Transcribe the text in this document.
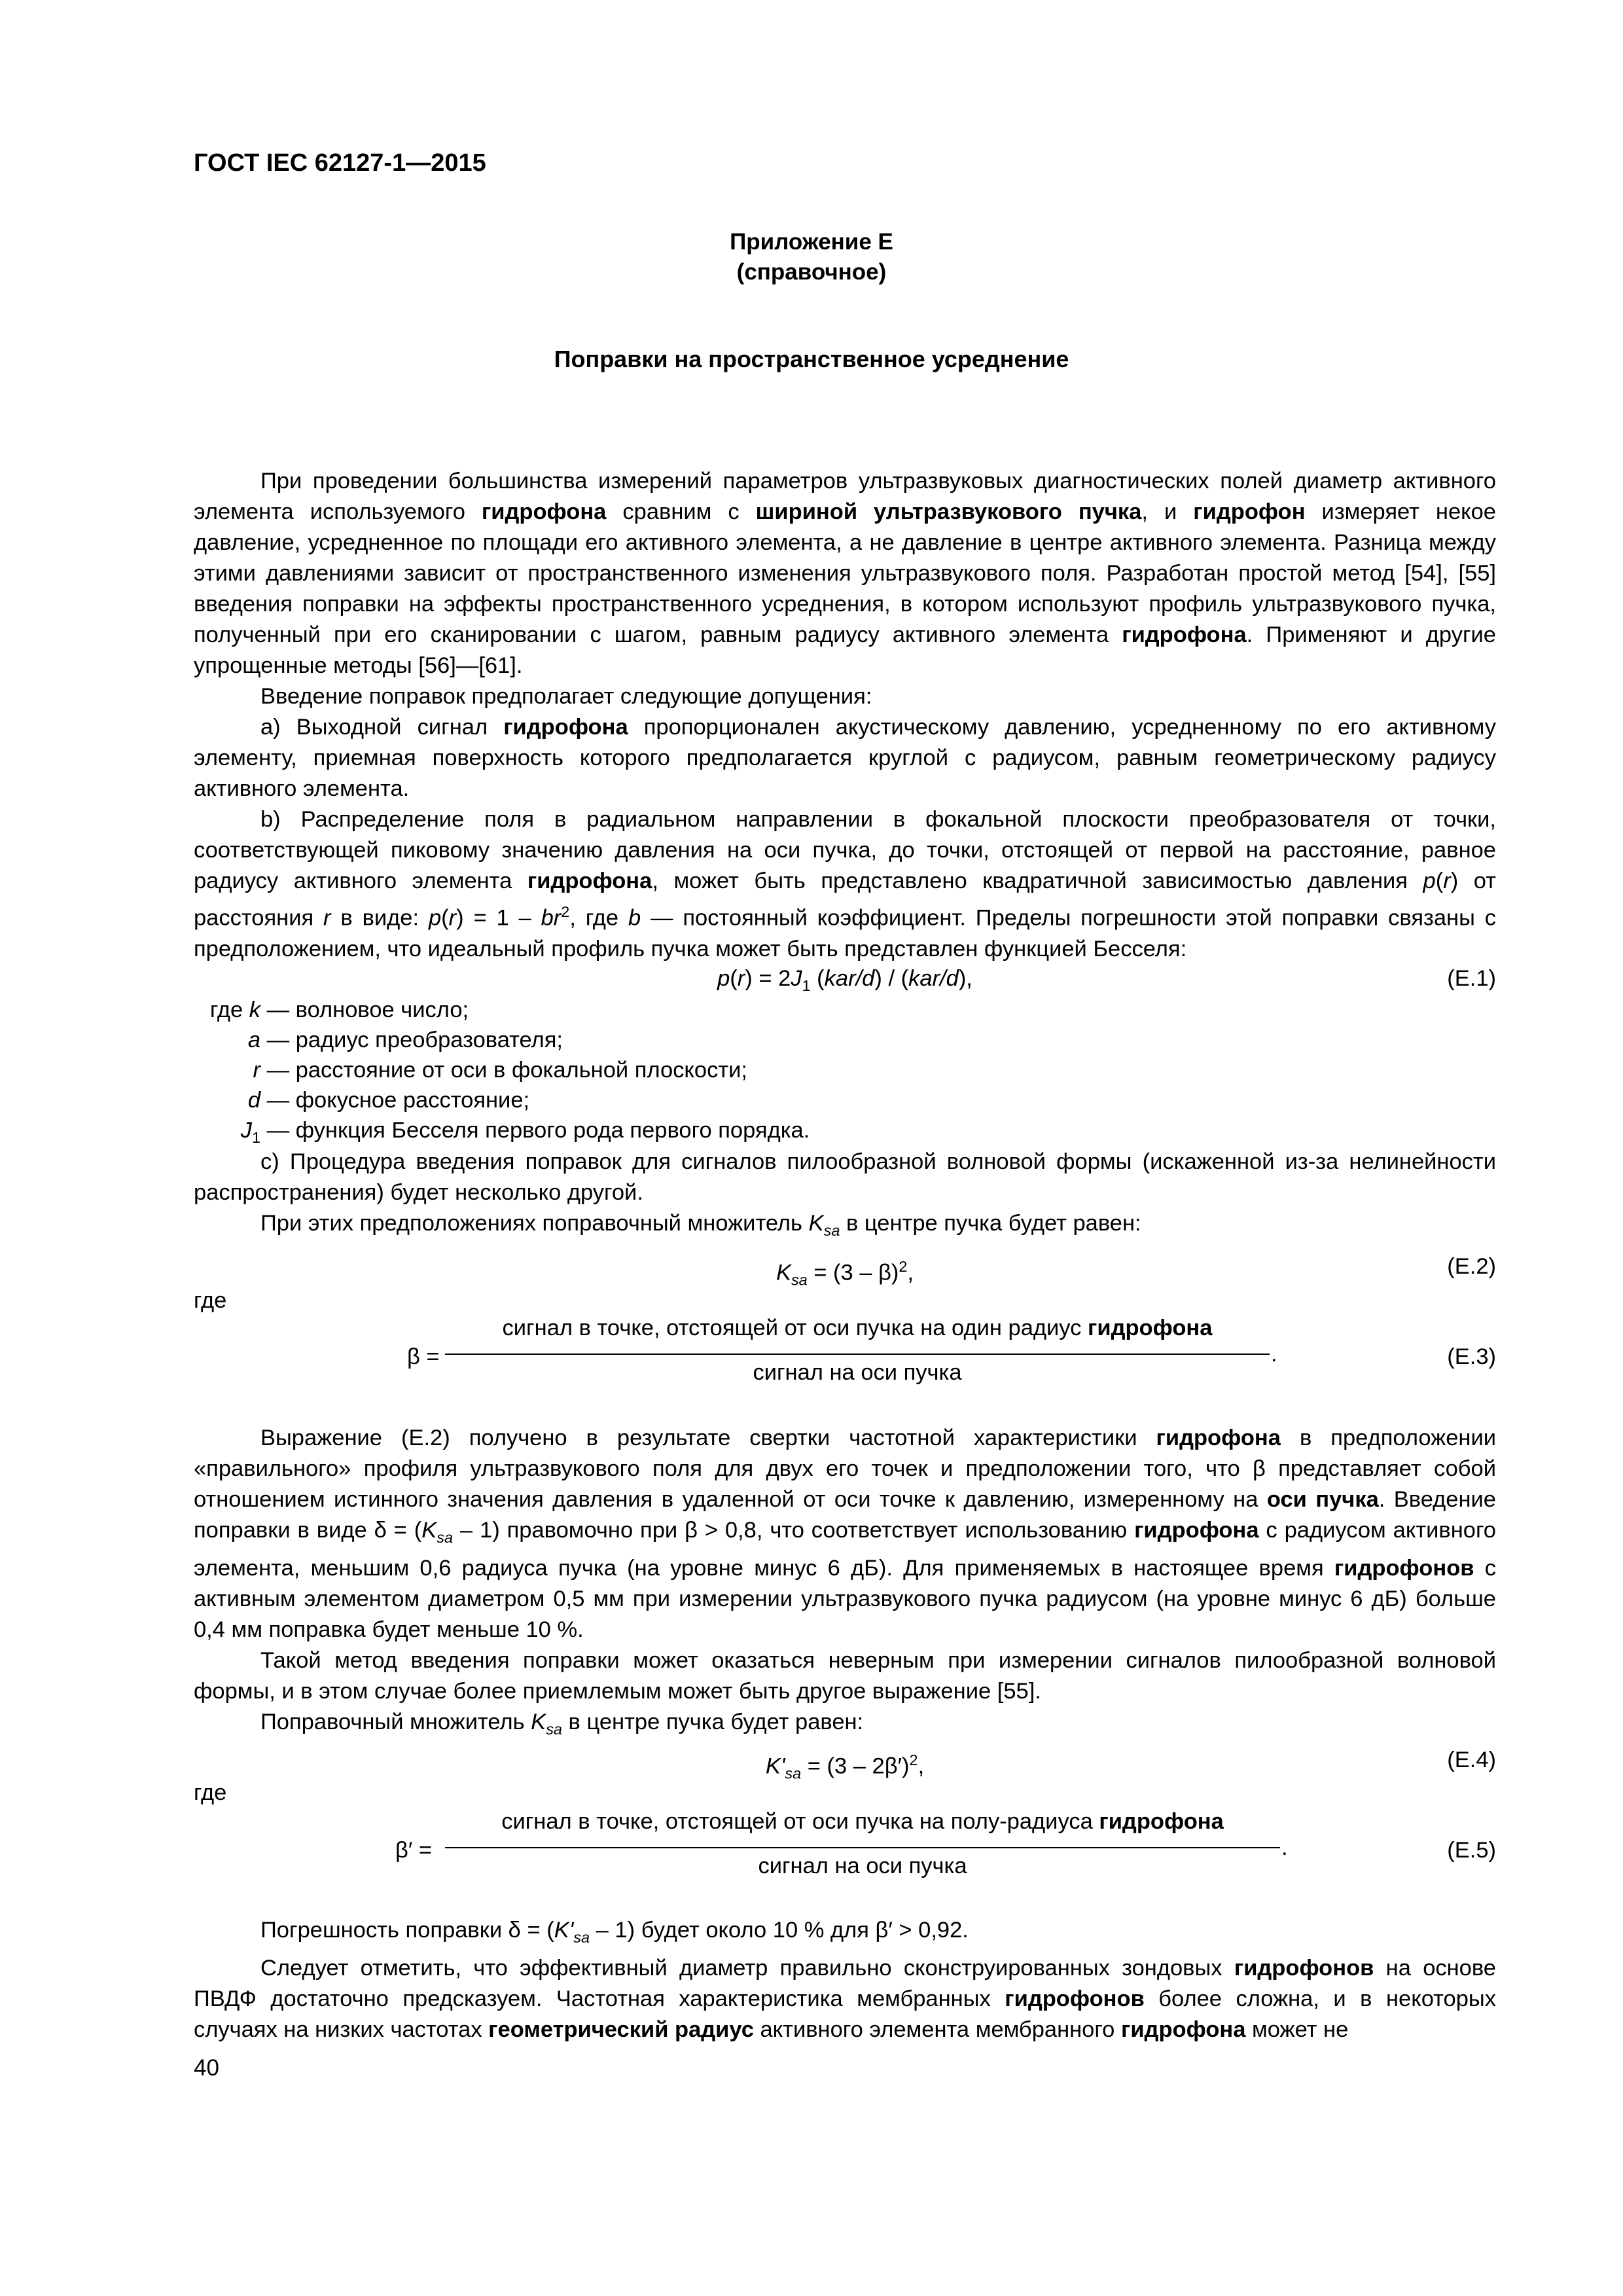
ГОСТ IEC 62127-1—2015
Приложение Е
(справочное)
Поправки на пространственное усреднение

При проведении большинства измерений параметров ультразвуковых диагностических полей диаметр активного элемента используемого гидрофона сравним с шириной ультразвукового пучка, и гидрофон измеряет некое давление, усредненное по площади его активного элемента, а не давление в центре активного элемента. Разница между этими давлениями зависит от пространственного изменения ультразвукового поля. Разработан простой метод [54], [55] введения поправки на эффекты пространственного усреднения, в котором используют профиль ультразвукового пучка, полученный при его сканировании с шагом, равным радиусу активного элемента гидрофона. Применяют и другие упрощенные методы [56]—[61].

Введение поправок предполагает следующие допущения:

a) Выходной сигнал гидрофона пропорционален акустическому давлению, усредненному по его активному элементу, приемная поверхность которого предполагается круглой с радиусом, равным геометрическому радиусу активного элемента.

b) Распределение поля в радиальном направлении в фокальной плоскости преобразователя от точки, соответствующей пиковому значению давления на оси пучка, до точки, отстоящей от первой на расстояние, равное радиусу активного элемента гидрофона, может быть представлено квадратичной зависимостью давления p(r) от расстояния r в виде: $p(r) = 1 - br^2$, где b — постоянный коэффициент. Пределы погрешности этой поправки связаны с предположением, что идеальный профиль пучка может быть представлен функцией Бесселя:

$p(r) = 2J_1$ (kar/d) / (kar/d),	(Е.1)
где k — волновое число;
a — радиус преобразователя;
r — расстояние от оси в фокальной плоскости;
d — фокусное расстояние;
$J_1$ — функция Бесселя первого рода первого порядка.

c) Процедура введения поправок для сигналов пилообразной волновой формы (искаженной из-за нелинейности распространения) будет несколько другой.

При этих предположениях поправочный множитель $K_{sa}$ в центре пучка будет равен:

$K_{sa} = (3 - \beta)^2$,	(Е.2)
где
β =
сигнал в точке, отстоящей от оси пучка на один радиус гидрофона
.
сигнал на оси пучка
(Е.3)

Выражение (Е.2) получено в результате свертки частотной характеристики гидрофона в предположении «правильного» профиля ультразвукового поля для двух его точек и предположении того, что β представляет собой отношением истинного значения давления в удаленной от оси точке к давлению, измеренному на оси пучка. Введение поправки в виде $\delta = (K_{sa} - 1)$ правомочно при β > 0,8, что соответствует использованию гидрофона с радиусом активного элемента, меньшим 0,6 радиуса пучка (на уровне минус 6 дБ). Для применяемых в настоящее время гидрофонов с активным элементом диаметром 0,5 мм при измерении ультразвукового пучка радиусом (на уровне минус 6 дБ) больше 0,4 мм поправка будет меньше 10 %.

Такой метод введения поправки может оказаться неверным при измерении сигналов пилообразной волновой формы, и в этом случае более приемлемым может быть другое выражение [55].

Поправочный множитель $K_{sa}$ в центре пучка будет равен:

$K'_{sa} = (3 - 2\beta')^2$,	(Е.4)
где
β′ =
сигнал в точке, отстоящей от оси пучка на полу-радиуса гидрофона
.
сигнал на оси пучка
(Е.5)

Погрешность поправки $\delta = (K'_{sa} - 1)$ будет около 10 % для β′ > 0,92.

Следует отметить, что эффективный диаметр правильно сконструированных зондовых гидрофонов на основе ПВДФ достаточно предсказуем. Частотная характеристика мембранных гидрофонов более сложна, и в некоторых случаях на низких частотах геометрический радиус активного элемента мембранного гидрофона может не

40
